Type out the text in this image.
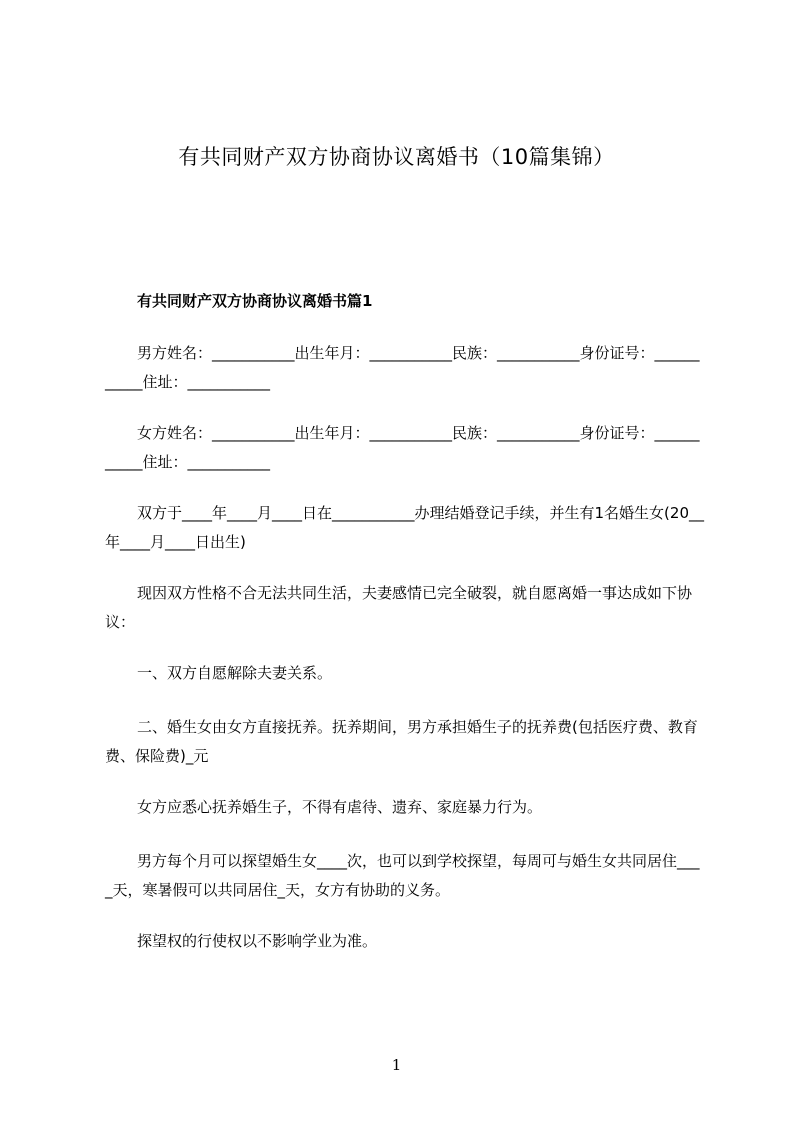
有共同财产双方协商协议离婚书（10篇集锦）
有共同财产双方协商协议离婚书篇1
男方姓名：___________出生年月：___________民族：___________身份证号：___________住址：___________
女方姓名：___________出生年月：___________民族：___________身份证号：___________住址：___________
双方于____年____月____日在___________办理结婚登记手续，并生有1名婚生女(20__年____月____日出生)
现因双方性格不合无法共同生活，夫妻感情已完全破裂，就自愿离婚一事达成如下协议：
一、双方自愿解除夫妻关系。
二、婚生女由女方直接抚养。抚养期间，男方承担婚生子的抚养费(包括医疗费、教育费、保险费)_元
女方应悉心抚养婚生子，不得有虐待、遗弃、家庭暴力行为。
男方每个月可以探望婚生女____次，也可以到学校探望，每周可与婚生女共同居住____天，寒暑假可以共同居住_天，女方有协助的义务。
探望权的行使权以不影响学业为准。
1
